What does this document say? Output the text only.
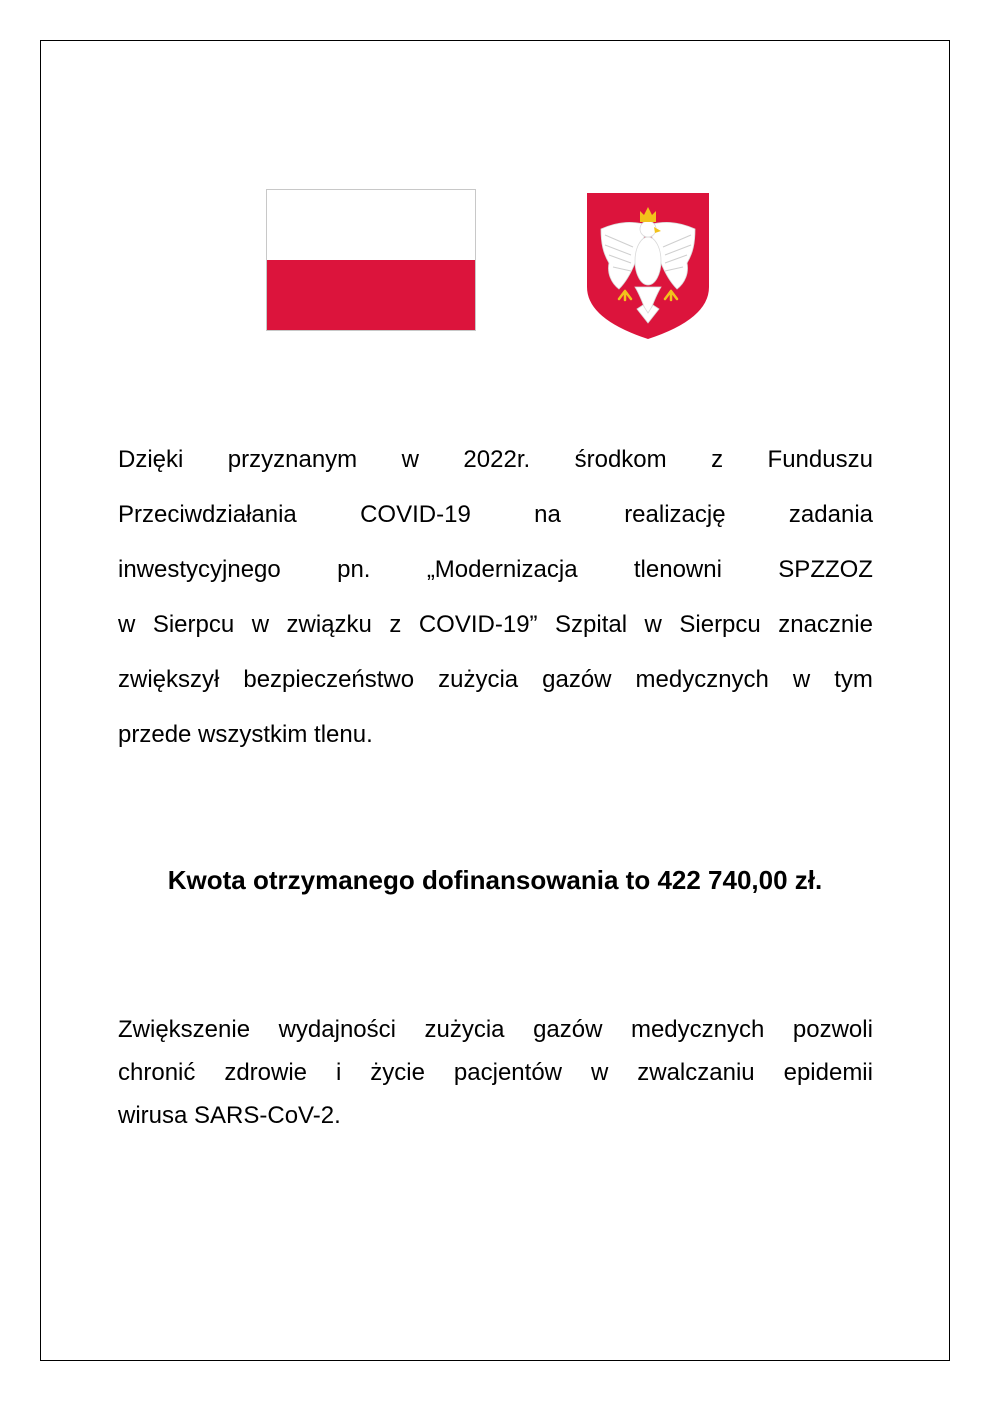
Dzięki przyznanym w 2022r. środkom z Funduszu
Przeciwdziałania	COVID-19	na	realizację	zadania
inwestycyjnego pn. „Modernizacja tlenowni SPZZOZ
w Sierpcu w związku z COVID-19” Szpital w Sierpcu znacznie
zwiększył bezpieczeństwo zużycia gazów medycznych w tym
przede wszystkim tlenu.

Kwota otrzymanego dofinansowania to 422 740,00 zł.

Zwiększenie wydajności zużycia gazów medycznych pozwoli
chronić zdrowie i życie pacjentów w zwalczaniu epidemii
wirusa SARS-CoV-2.
